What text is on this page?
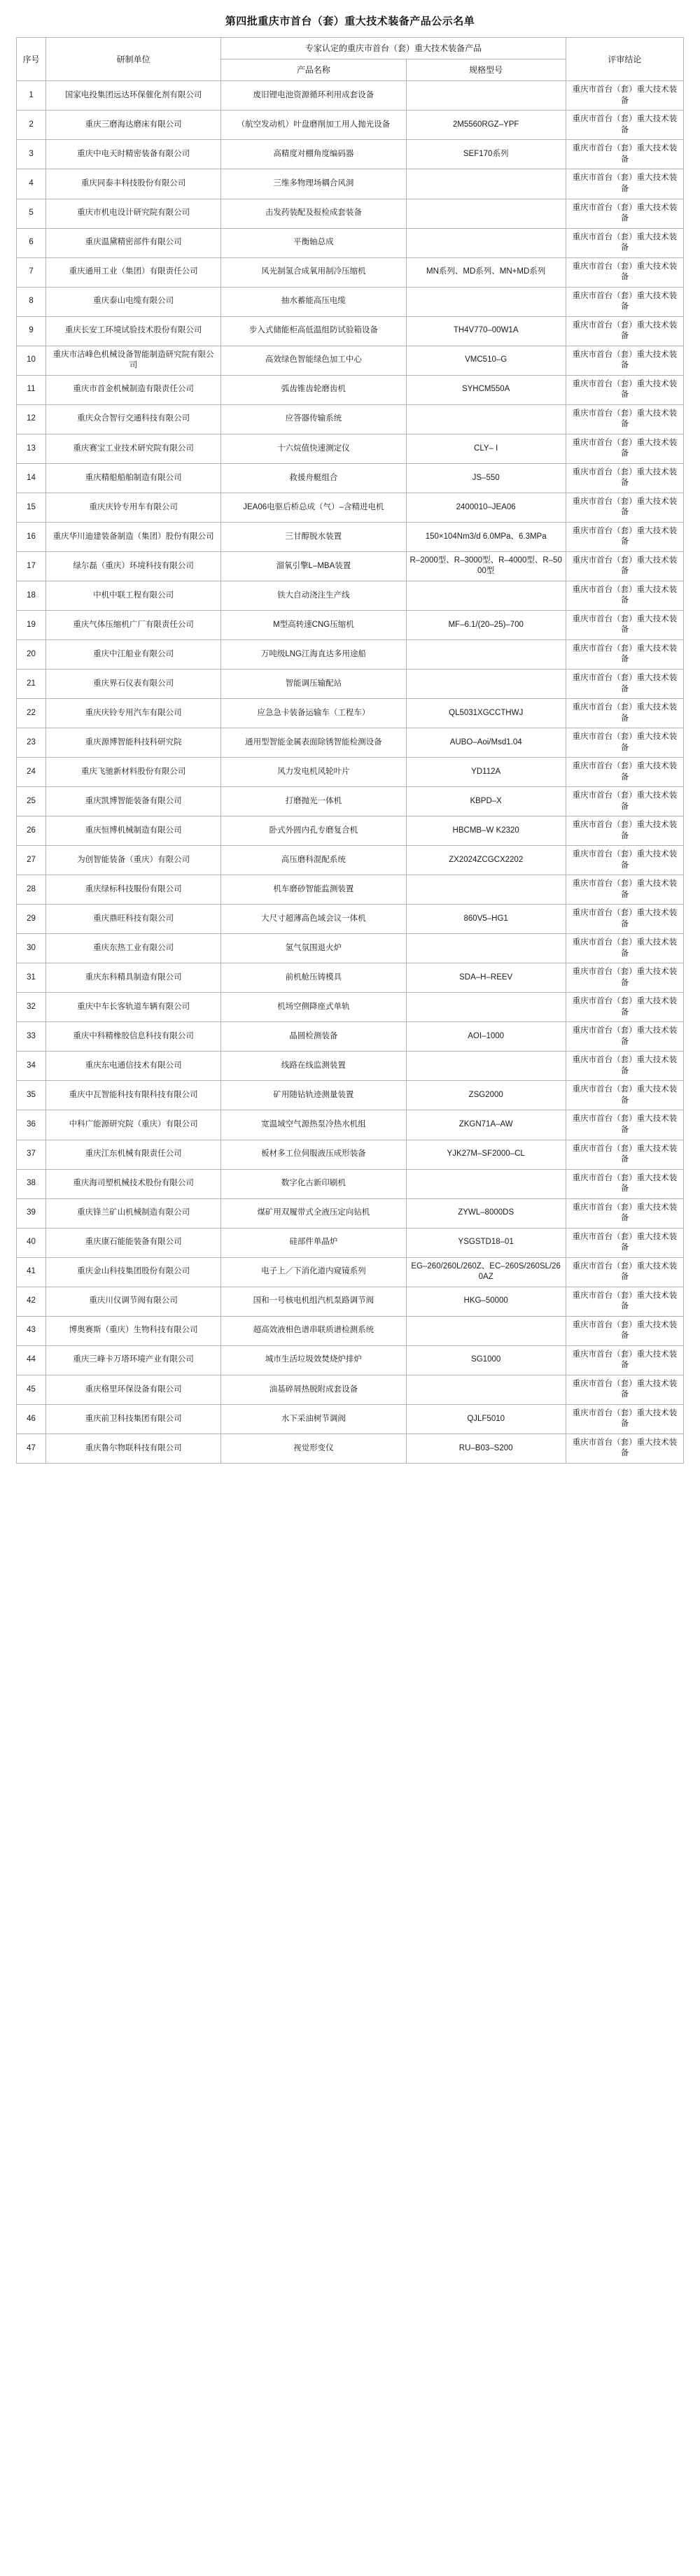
第四批重庆市首台（套）重大技术装备产品公示名单
序号	研制单位	专家认定的重庆市首台（套）重大技术装备产品		评审结论
		产品名称	规格型号	
1	国家电投集团远达环保催化剂有限公司	废旧锂电池资源循环利用成套设备		重庆市首台（套）重大技术装备
2	重庆三磨海达磨床有限公司	（航空发动机）叶盘磨削加工用人抛光设备	2M5560RGZ–YPF	重庆市首台（套）重大技术装备
3	重庆中电天时精密装备有限公司	高精度对棚角度编码器	SEF170系列	重庆市首台（套）重大技术装备
4	重庆同泰丰科技股份有限公司	三维多物理场耦合风洞		重庆市首台（套）重大技术装备
5	重庆市机电设计研究院有限公司	击发药装配及报检成套装备		重庆市首台（套）重大技术装备
6	重庆温黛精密部件有限公司	平衡轴总成		重庆市首台（套）重大技术装备
7	重庆通用工业（集团）有限责任公司	风光制氢合成氧用制冷压缩机	MN系列、MD系列、MN+MD系列	重庆市首台（套）重大技术装备
8	重庆泰山电缆有限公司	抽水蓄能高压电缆		重庆市首台（套）重大技术装备
9	重庆长安工环境试验技术股份有限公司	步入式储能柜高低温组防试验箱设备	TH4V770–00W1A	重庆市首台（套）重大技术装备
10	重庆市洁峰色机械设备智能制造研究院有限公司	高效绿色智能绿色加工中心	VMC510–G	重庆市首台（套）重大技术装备
11	重庆市首金机械制造有限责任公司	弧齿锥齿轮磨齿机	SYHCM550A	重庆市首台（套）重大技术装备
12	重庆众合智行交通科技有限公司	应答器传输系统		重庆市首台（套）重大技术装备
13	重庆赛宝工业技术研究院有限公司	十六烷值快速测定仪	CLY– I	重庆市首台（套）重大技术装备
14	重庆精船船舶制造有限公司	救援舟艇组合	JS–550	重庆市首台（套）重大技术装备
15	重庆庆铃专用车有限公司	JEA06电驱后桥总成（气）–含精进电机	2400010–JEA06	重庆市首台（套）重大技术装备
16	重庆华川迪建装备制造（集团）股份有限公司	三甘醇脱水装置	150×104Nm3/d 6.0MPa、6.3MPa	重庆市首台（套）重大技术装备
17	绿尔磊（重庆）环境科技有限公司	溜氧引擎L–MBA装置	R–2000型、R–3000型、R–4000型、R–5000型	重庆市首台（套）重大技术装备
18	中机中联工程有限公司	铁大自动浇注生产线		重庆市首台（套）重大技术装备
19	重庆气体压缩机广厂有限责任公司	M型高转速CNG压缩机	MF–6.1/(20–25)–700	重庆市首台（套）重大技术装备
20	重庆中江船业有限公司	万吨级LNG江海直达多用途船		重庆市首台（套）重大技术装备
21	重庆界石仪表有限公司	智能调压输配站		重庆市首台（套）重大技术装备
22	重庆庆铃专用汽车有限公司	应急急卡装备运输车（工程车）	QL5031XGCCTHWJ	重庆市首台（套）重大技术装备
23	重庆源博智能科技科研究院	通用型智能金属表面除锈智能检测设备	AUBO–Aoi/Msd1.04	重庆市首台（套）重大技术装备
24	重庆飞驰新材料股份有限公司	风力发电机风轮叶片	YD112A	重庆市首台（套）重大技术装备
25	重庆凯博智能装备有限公司	打磨抛光一体机	KBPD–X	重庆市首台（套）重大技术装备
26	重庆恒博机械制造有限公司	卧式外圆内孔专磨复合机	HBCMB–W K2320	重庆市首台（套）重大技术装备
27	为创智能装备（重庆）有限公司	高压磨科混配系统	ZX2024ZCGCX2202	重庆市首台（套）重大技术装备
28	重庆绿标科技服份有限公司	机车磨砂智能监测装置		重庆市首台（套）重大技术装备
29	重庆鼎旺科技有限公司	大尺寸超薄高色域会议一体机	860V5–HG1	重庆市首台（套）重大技术装备
30	重庆东热工业有限公司	氢气氛围退火炉		重庆市首台（套）重大技术装备
31	重庆东科精具制造有限公司	前机舱压铸模具	SDA–H–REEV	重庆市首台（套）重大技术装备
32	重庆中车长客轨道车辆有限公司	机场空侧降座式单轨		重庆市首台（套）重大技术装备
33	重庆中科精橡胶信息科技有限公司	晶圆检测装备	AOI–1000	重庆市首台（套）重大技术装备
34	重庆东电通信技术有限公司	线路在线监测装置		重庆市首台（套）重大技术装备
35	重庆中瓦智能科技有限科技有限公司	矿用随钻轨迹测量装置	ZSG2000	重庆市首台（套）重大技术装备
36	中科广能源研究院（重庆）有限公司	宽温域空气源热泵冷热水机组	ZKGN71A–AW	重庆市首台（套）重大技术装备
37	重庆江东机械有限责任公司	板材多工位伺服液压成形装备	YJK27M–SF2000–CL	重庆市首台（套）重大技术装备
38	重庆海司塑机械技术股份有限公司	数字化古新印刷机		重庆市首台（套）重大技术装备
39	重庆锋兰矿山机械制造有限公司	煤矿用双履带式全液压定向钻机	ZYWL–8000DS	重庆市首台（套）重大技术装备
40	重庆康石能能装备有限公司	硅部件单晶炉	YSGSTD18–01	重庆市首台（套）重大技术装备
41	重庆金山科技集团股份有限公司	电子上／下消化道内窥镜系列	EG–260/260L/260Z、EC–260S/260SL/260AZ	重庆市首台（套）重大技术装备
42	重庆川仪调节阀有限公司	国和一号核电机组汽机泵路调节阀	HKG–50000	重庆市首台（套）重大技术装备
43	博奥赛斯（重庆）生物科技有限公司	超高效液相色谱串联质谱检测系统		重庆市首台（套）重大技术装备
44	重庆三峰卡万塔环境产业有限公司	城市生活垃圾效焚烧炉排炉	SG1000	重庆市首台（套）重大技术装备
45	重庆格里环保设备有限公司	油基碎屑热脱附成套设备		重庆市首台（套）重大技术装备
46	重庆前卫科技集团有限公司	水下采油树节调阀	QJLF5010	重庆市首台（套）重大技术装备
47	重庆鲁尔物联科技有限公司	视觉形变仪	RU–B03–S200	重庆市首台（套）重大技术装备
